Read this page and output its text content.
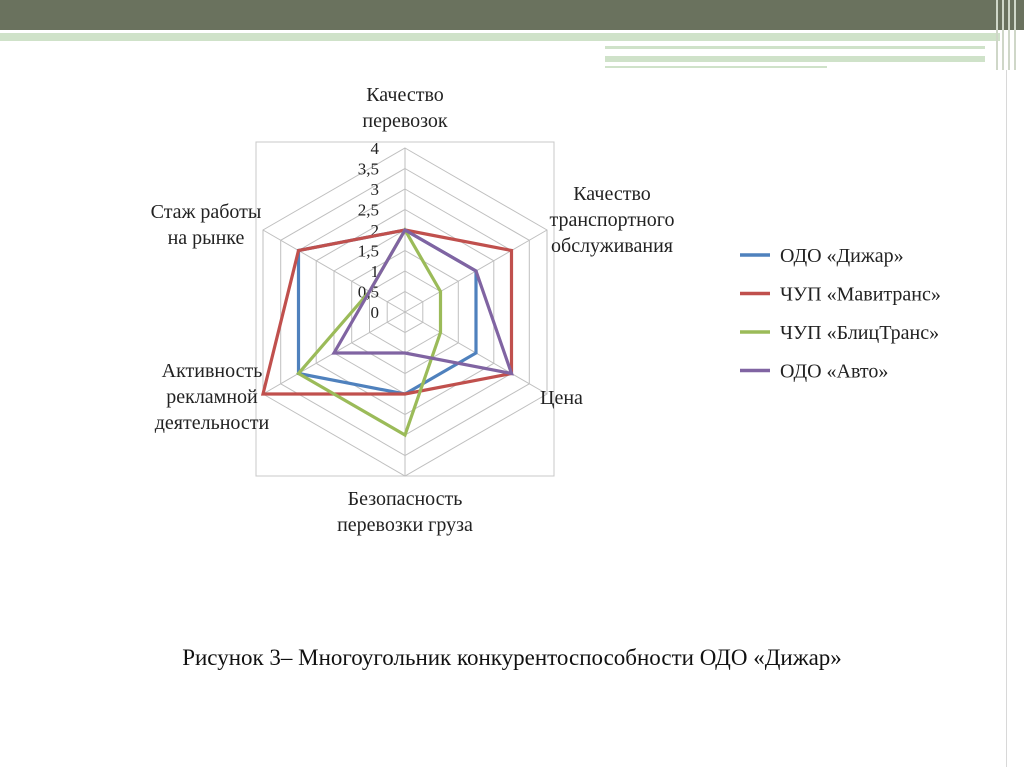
0
0,5
1
1,5
2
2,5
3
3,5
4
Качество перевозок
Качество транспортного обслуживания
Цена
Безопасность перевозки груза
Активность рекламной деятельности
Стаж работы на рынке
ОДО «Дижар»
ЧУП «Мавитранс»
ЧУП «БлицТранс»
ОДО «Авто»
Рисунок 3– Многоугольник конкурентоспособности ОДО «Дижар»
